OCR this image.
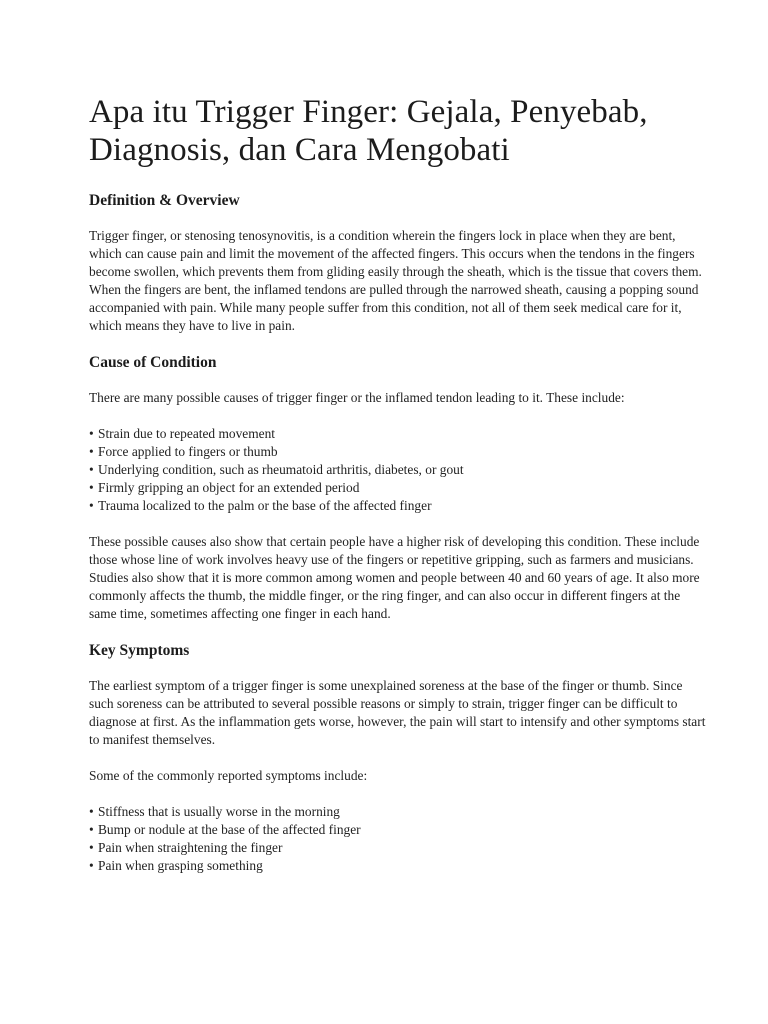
Apa itu Trigger Finger: Gejala, Penyebab, Diagnosis, dan Cara Mengobati
Definition & Overview

Trigger finger, or stenosing tenosynovitis, is a condition wherein the fingers lock in place when they are bent, which can cause pain and limit the movement of the affected fingers. This occurs when the tendons in the fingers become swollen, which prevents them from gliding easily through the sheath, which is the tissue that covers them. When the fingers are bent, the inflamed tendons are pulled through the narrowed sheath, causing a popping sound accompanied with pain. While many people suffer from this condition, not all of them seek medical care for it, which means they have to live in pain.

Cause of Condition

There are many possible causes of trigger finger or the inflamed tendon leading to it. These include:

• Strain due to repeated movement
• Force applied to fingers or thumb
• Underlying condition, such as rheumatoid arthritis, diabetes, or gout
• Firmly gripping an object for an extended period
• Trauma localized to the palm or the base of the affected finger

These possible causes also show that certain people have a higher risk of developing this condition. These include those whose line of work involves heavy use of the fingers or repetitive gripping, such as farmers and musicians. Studies also show that it is more common among women and people between 40 and 60 years of age. It also more commonly affects the thumb, the middle finger, or the ring finger, and can also occur in different fingers at the same time, sometimes affecting one finger in each hand.

Key Symptoms

The earliest symptom of a trigger finger is some unexplained soreness at the base of the finger or thumb. Since such soreness can be attributed to several possible reasons or simply to strain, trigger finger can be difficult to diagnose at first. As the inflammation gets worse, however, the pain will start to intensify and other symptoms start to manifest themselves.

Some of the commonly reported symptoms include:

• Stiffness that is usually worse in the morning
• Bump or nodule at the base of the affected finger
• Pain when straightening the finger
• Pain when grasping something
